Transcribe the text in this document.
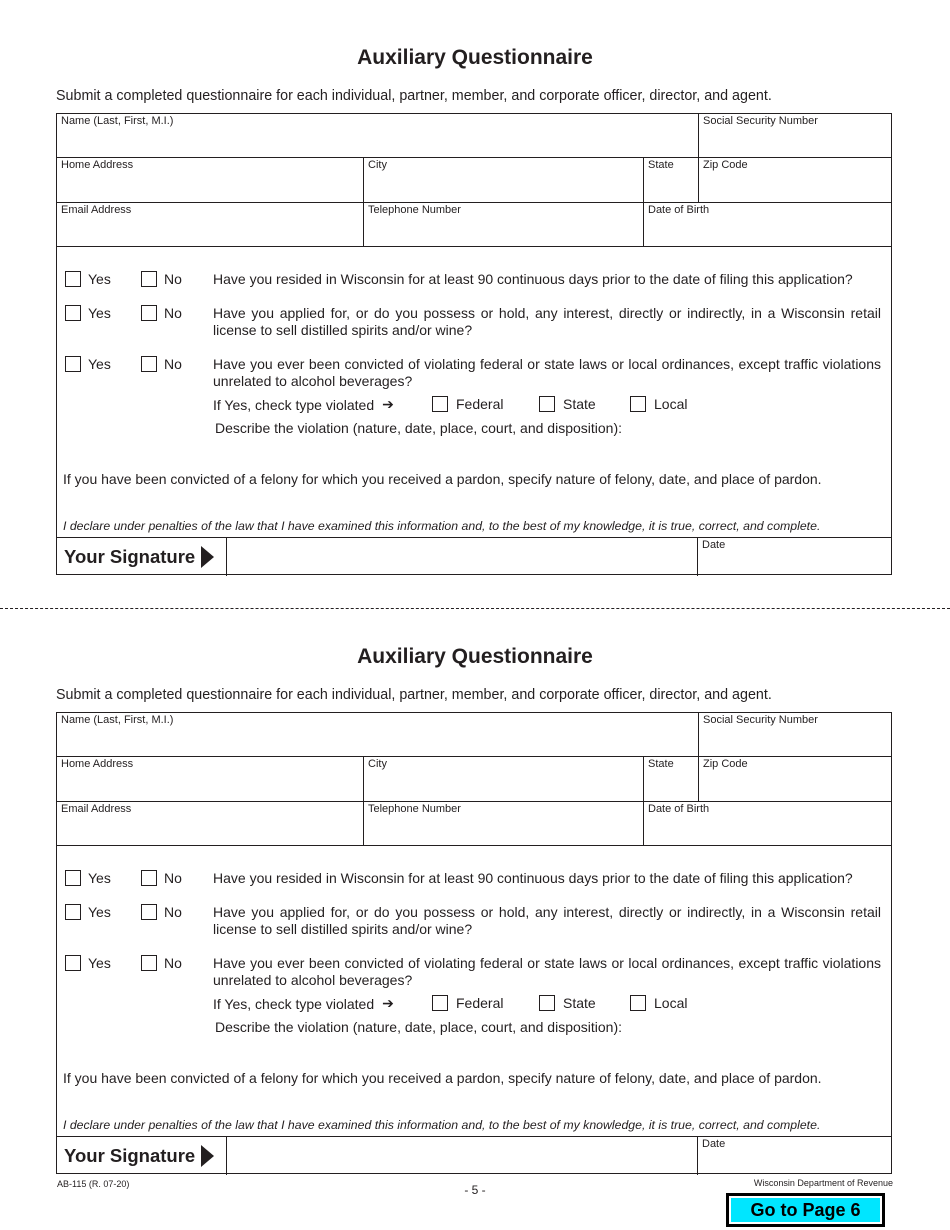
Auxiliary Questionnaire

Submit a completed questionnaire for each individual, partner, member, and corporate officer, director, and agent.

Name (Last, First, M.I.)	Social Security Number
Home Address	City	State	Zip Code
Email Address	Telephone Number	Date of Birth
Yes	No Have you resided in Wisconsin for at least 90 continuous days prior to the date of filing this application?

Yes	No Have you applied for, or do you possess or hold, any interest, directly or indirectly, in a Wisconsin retail license to sell distilled spirits and/or wine?

Yes	No Have you ever been convicted of violating federal or state laws or local ordinances, except traffic violations unrelated to alcohol beverages?

If Yes, check type violated ➔	Federal	State	Local

Describe the violation (nature, date, place, court, and disposition):

If you have been convicted of a felony for which you received a pardon, specify nature of felony, date, and place of pardon.

I declare under penalties of the law that I have examined this information and, to the best of my knowledge, it is true, correct, and complete.

Your Signature
Date
Auxiliary Questionnaire

Submit a completed questionnaire for each individual, partner, member, and corporate officer, director, and agent.

Name (Last, First, M.I.)	Social Security Number
Home Address	City	State	Zip Code
Email Address	Telephone Number	Date of Birth
Yes	No Have you resided in Wisconsin for at least 90 continuous days prior to the date of filing this application?

Yes	No Have you applied for, or do you possess or hold, any interest, directly or indirectly, in a Wisconsin retail license to sell distilled spirits and/or wine?

Yes	No Have you ever been convicted of violating federal or state laws or local ordinances, except traffic violations unrelated to alcohol beverages?

If Yes, check type violated ➔	Federal	State	Local

Describe the violation (nature, date, place, court, and disposition):

If you have been convicted of a felony for which you received a pardon, specify nature of felony, date, and place of pardon.

I declare under penalties of the law that I have examined this information and, to the best of my knowledge, it is true, correct, and complete.

Your Signature
Date
AB-115 (R. 07-20)	- 5 -	Wisconsin Department of Revenue
Go to Page 6
